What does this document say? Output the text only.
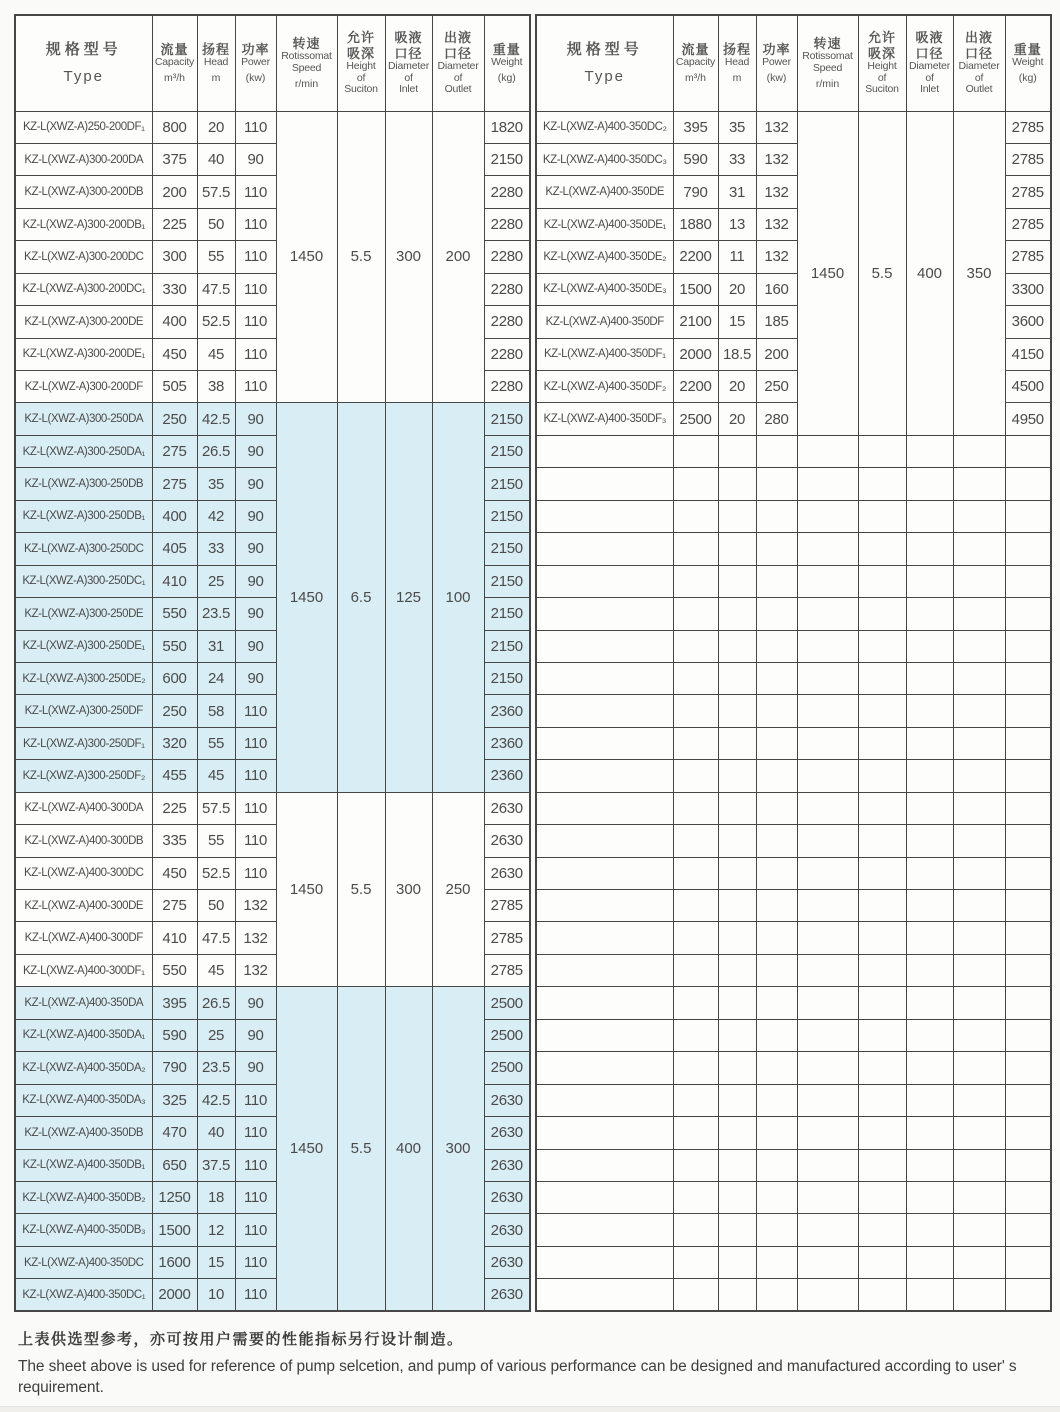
规格型号
Type

流量
Capacity
m³/h

扬程
Head
m

功率
Power
(kw)

转速
Rotissomat
Speed
r/min

允许
吸深
Height
of
Suciton

吸液
口径
Diameter
of
Inlet

出液
口径
Diameter
of
Outlet

重量
Weight
(kg)

KZ-L(XWZ-A)250-200DF₁	800	20	110	1450	5.5	300	200	1820
KZ-L(XWZ-A)300-200DA	375	40	90					2150
KZ-L(XWZ-A)300-200DB	200	57.5	110					2280
KZ-L(XWZ-A)300-200DB₁	225	50	110					2280
KZ-L(XWZ-A)300-200DC	300	55	110					2280
KZ-L(XWZ-A)300-200DC₁	330	47.5	110					2280
KZ-L(XWZ-A)300-200DE	400	52.5	110					2280
KZ-L(XWZ-A)300-200DE₁	450	45	110					2280
KZ-L(XWZ-A)300-200DF	505	38	110					2280
KZ-L(XWZ-A)300-250DA	250	42.5	90	1450	6.5	125	100	2150
KZ-L(XWZ-A)300-250DA₁	275	26.5	90					2150
KZ-L(XWZ-A)300-250DB	275	35	90					2150
KZ-L(XWZ-A)300-250DB₁	400	42	90					2150
KZ-L(XWZ-A)300-250DC	405	33	90					2150
KZ-L(XWZ-A)300-250DC₁	410	25	90					2150
KZ-L(XWZ-A)300-250DE	550	23.5	90					2150
KZ-L(XWZ-A)300-250DE₁	550	31	90					2150
KZ-L(XWZ-A)300-250DE₂	600	24	90					2150
KZ-L(XWZ-A)300-250DF	250	58	110					2360
KZ-L(XWZ-A)300-250DF₁	320	55	110					2360
KZ-L(XWZ-A)300-250DF₂	455	45	110					2360
KZ-L(XWZ-A)400-300DA	225	57.5	110	1450	5.5	300	250	2630
KZ-L(XWZ-A)400-300DB	335	55	110					2630
KZ-L(XWZ-A)400-300DC	450	52.5	110					2630
KZ-L(XWZ-A)400-300DE	275	50	132					2785
KZ-L(XWZ-A)400-300DF	410	47.5	132					2785
KZ-L(XWZ-A)400-300DF₁	550	45	132					2785
KZ-L(XWZ-A)400-350DA	395	26.5	90	1450	5.5	400	300	2500
KZ-L(XWZ-A)400-350DA₁	590	25	90					2500
KZ-L(XWZ-A)400-350DA₂	790	23.5	90					2500
KZ-L(XWZ-A)400-350DA₃	325	42.5	110					2630
KZ-L(XWZ-A)400-350DB	470	40	110					2630
KZ-L(XWZ-A)400-350DB₁	650	37.5	110					2630
KZ-L(XWZ-A)400-350DB₂	1250	18	110					2630
KZ-L(XWZ-A)400-350DB₃	1500	12	110					2630
KZ-L(XWZ-A)400-350DC	1600	15	110					2630
KZ-L(XWZ-A)400-350DC₁	2000	10	110					2630
规格型号
Type

流量
Capacity
m³/h

扬程
Head
m

功率
Power
(kw)

转速
Rotissomat
Speed
r/min

允许
吸深
Height
of
Suciton

吸液
口径
Diameter
of
Inlet

出液
口径
Diameter
of
Outlet

重量
Weight
(kg)

KZ-L(XWZ-A)400-350DC₂	395	35	132	1450	5.5	400	350	2785
KZ-L(XWZ-A)400-350DC₃	590	33	132					2785
KZ-L(XWZ-A)400-350DE	790	31	132					2785
KZ-L(XWZ-A)400-350DE₁	1880	13	132					2785
KZ-L(XWZ-A)400-350DE₂	2200	11	132					2785
KZ-L(XWZ-A)400-350DE₃	1500	20	160					3300
KZ-L(XWZ-A)400-350DF	2100	15	185					3600
KZ-L(XWZ-A)400-350DF₁	2000	18.5	200					4150
KZ-L(XWZ-A)400-350DF₂	2200	20	250					4500
KZ-L(XWZ-A)400-350DF₃	2500	20	280					4950

上表供选型参考，亦可按用户需要的性能指标另行设计制造。

The sheet above is used for reference of pump selcetion, and pump of various performance can be designed and manufactured according to user' s requirement.
